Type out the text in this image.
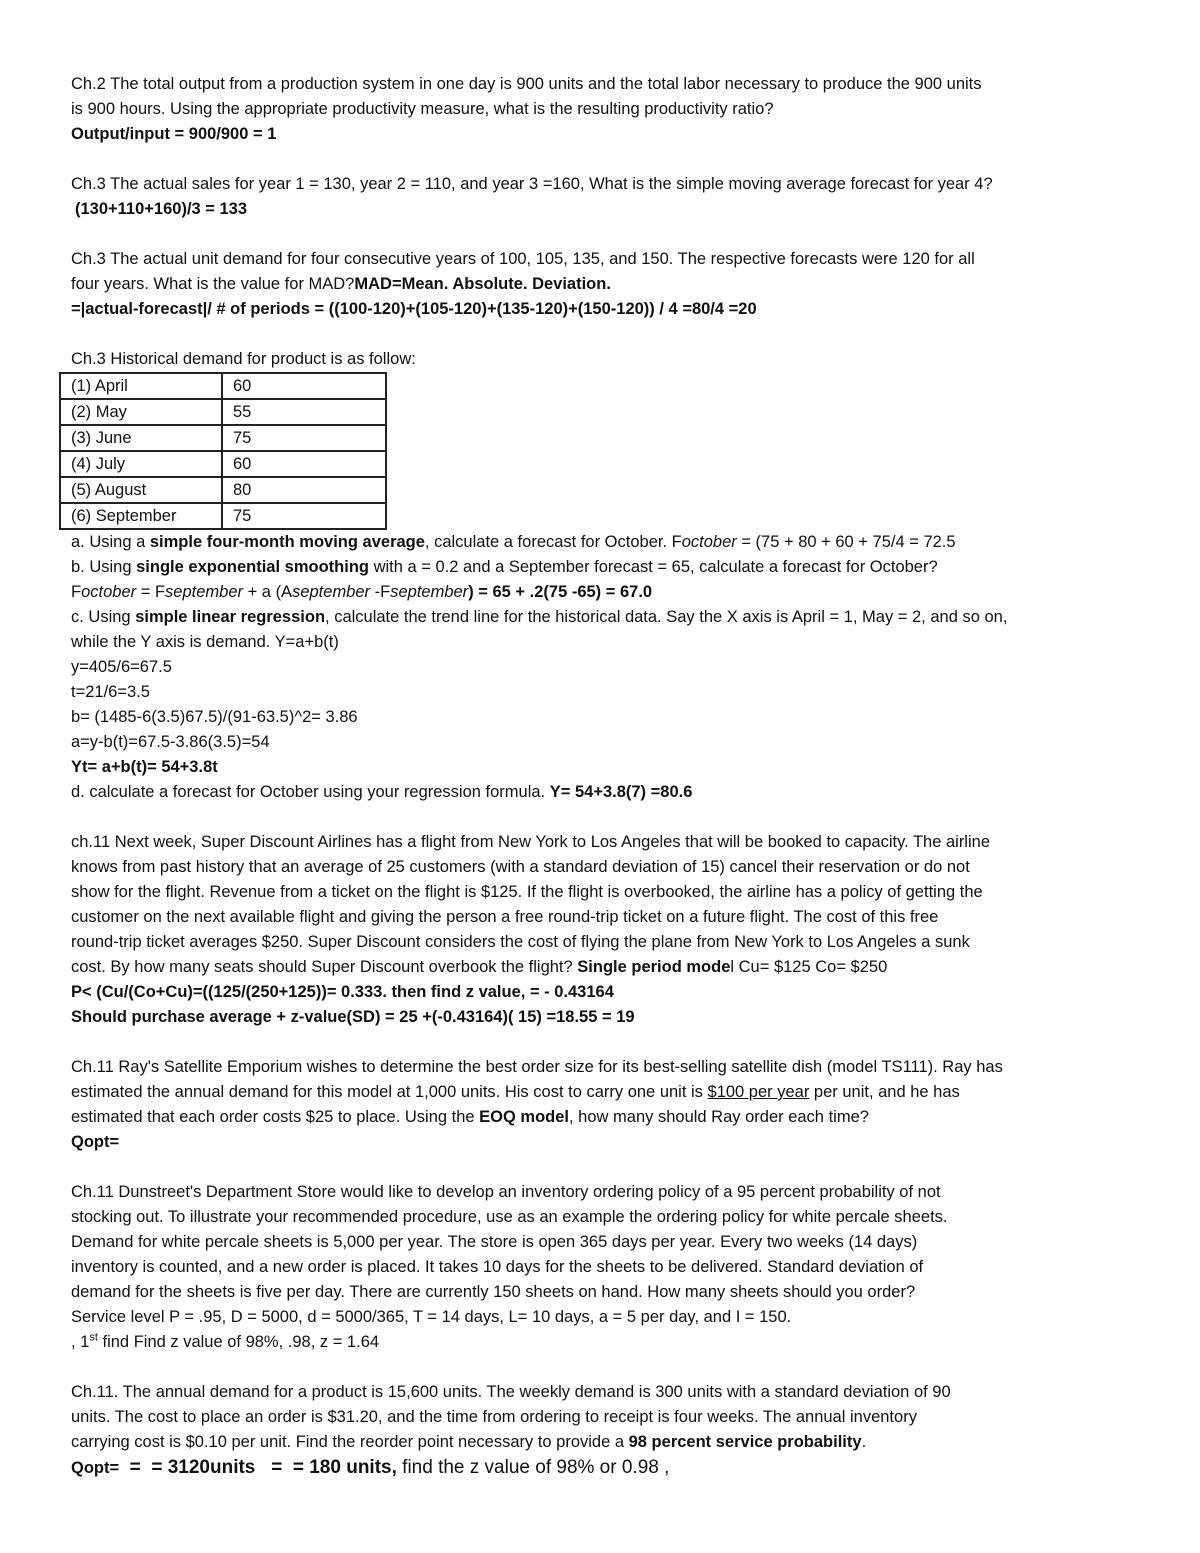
Ch.2 The total output from a production system in one day is 900 units and the total labor necessary to produce the 900 units

is 900 hours. Using the appropriate productivity measure, what is the resulting productivity ratio?

Output/input = 900/900 = 1

Ch.3 The actual sales for year 1 = 130, year 2 = 110, and year 3 =160, What is the simple moving average forecast for year 4?

(130+110+160)/3 = 133

Ch.3 The actual unit demand for four consecutive years of 100, 105, 135, and 150. The respective forecasts were 120 for all

four years. What is the value for MAD?MAD=Mean. Absolute. Deviation.

=|actual-forecast|/ # of periods = ((100-120)+(105-120)+(135-120)+(150-120)) / 4 =80/4 =20

Ch.3 Historical demand for product is as follow:

(1) April	60
(2) May	55
(3) June	75
(4) July	60
(5) August	80
(6) September	75

a. Using a simple four-month moving average, calculate a forecast for October. Foctober = (75 + 80 + 60 + 75/4 = 72.5

b. Using single exponential smoothing with a = 0.2 and a September forecast = 65, calculate a forecast for October?

Foctober = Fseptember + a (Aseptember -Fseptember) = 65 + .2(75 -65) = 67.0

c. Using simple linear regression, calculate the trend line for the historical data. Say the X axis is April = 1, May = 2, and so on,

while the Y axis is demand. Y=a+b(t)

y=405/6=67.5

t=21/6=3.5

b= (1485-6(3.5)67.5)/(91-63.5)^2= 3.86

a=y-b(t)=67.5-3.86(3.5)=54

Yt= a+b(t)= 54+3.8t

d. calculate a forecast for October using your regression formula. Y= 54+3.8(7) =80.6

ch.11 Next week, Super Discount Airlines has a flight from New York to Los Angeles that will be booked to capacity. The airline

knows from past history that an average of 25 customers (with a standard deviation of 15) cancel their reservation or do not

show for the flight. Revenue from a ticket on the flight is $125. If the flight is overbooked, the airline has a policy of getting the

customer on the next available flight and giving the person a free round-trip ticket on a future flight. The cost of this free

round-trip ticket averages $250. Super Discount considers the cost of flying the plane from New York to Los Angeles a sunk

cost. By how many seats should Super Discount overbook the flight? Single period model Cu= $125 Co= $250

P< (Cu/(Co+Cu)=((125/(250+125))= 0.333. then find z value, = - 0.43164

Should purchase average + z-value(SD) = 25 +(-0.43164)( 15) =18.55 = 19

Ch.11 Ray's Satellite Emporium wishes to determine the best order size for its best-selling satellite dish (model TS111). Ray has

estimated the annual demand for this model at 1,000 units. His cost to carry one unit is $100 per year per unit, and he has

estimated that each order costs $25 to place. Using the EOQ model, how many should Ray order each time?

Qopt=

Ch.11 Dunstreet's Department Store would like to develop an inventory ordering policy of a 95 percent probability of not

stocking out. To illustrate your recommended procedure, use as an example the ordering policy for white percale sheets.

Demand for white percale sheets is 5,000 per year. The store is open 365 days per year. Every two weeks (14 days)

inventory is counted, and a new order is placed. It takes 10 days for the sheets to be delivered. Standard deviation of

demand for the sheets is five per day. There are currently 150 sheets on hand. How many sheets should you order?

Service level P = .95, D = 5000, d = 5000/365, T = 14 days, L= 10 days, a = 5 per day, and I = 150.

, 1st find Find z value of 98%, .98, z = 1.64

Ch.11. The annual demand for a product is 15,600 units. The weekly demand is 300 units with a standard deviation of 90

units. The cost to place an order is $31.20, and the time from ordering to receipt is four weeks. The annual inventory

carrying cost is $0.10 per unit. Find the reorder point necessary to provide a 98 percent service probability.

Qopt=  =  = 3120units   =  = 180 units, find the z value of 98% or 0.98 ,
